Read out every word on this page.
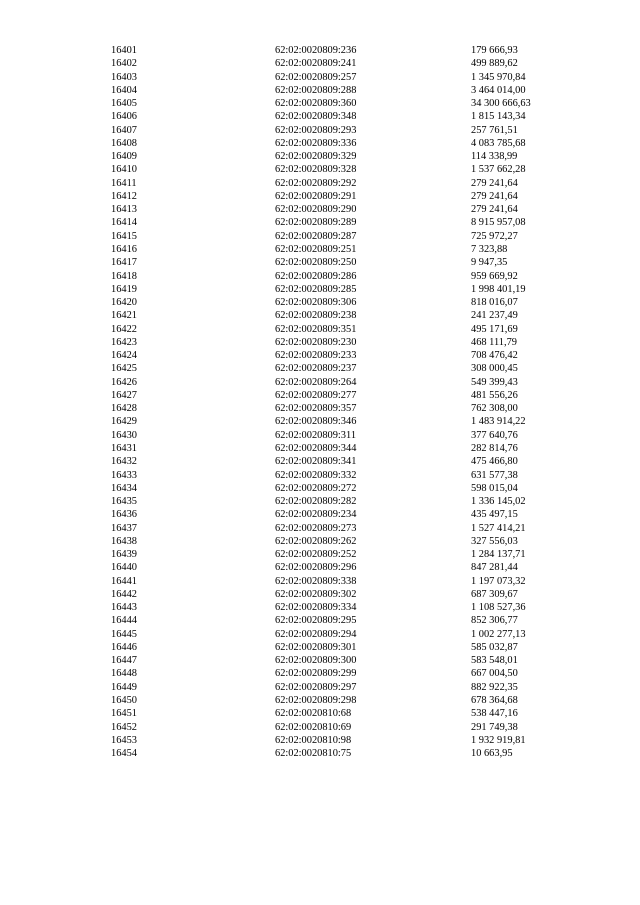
16401	62:02:0020809:236	179 666,93
16402	62:02:0020809:241	499 889,62
16403	62:02:0020809:257	1 345 970,84
16404	62:02:0020809:288	3 464 014,00
16405	62:02:0020809:360	34 300 666,63
16406	62:02:0020809:348	1 815 143,34
16407	62:02:0020809:293	257 761,51
16408	62:02:0020809:336	4 083 785,68
16409	62:02:0020809:329	114 338,99
16410	62:02:0020809:328	1 537 662,28
16411	62:02:0020809:292	279 241,64
16412	62:02:0020809:291	279 241,64
16413	62:02:0020809:290	279 241,64
16414	62:02:0020809:289	8 915 957,08
16415	62:02:0020809:287	725 972,27
16416	62:02:0020809:251	7 323,88
16417	62:02:0020809:250	9 947,35
16418	62:02:0020809:286	959 669,92
16419	62:02:0020809:285	1 998 401,19
16420	62:02:0020809:306	818 016,07
16421	62:02:0020809:238	241 237,49
16422	62:02:0020809:351	495 171,69
16423	62:02:0020809:230	468 111,79
16424	62:02:0020809:233	708 476,42
16425	62:02:0020809:237	308 000,45
16426	62:02:0020809:264	549 399,43
16427	62:02:0020809:277	481 556,26
16428	62:02:0020809:357	762 308,00
16429	62:02:0020809:346	1 483 914,22
16430	62:02:0020809:311	377 640,76
16431	62:02:0020809:344	282 814,76
16432	62:02:0020809:341	475 466,80
16433	62:02:0020809:332	631 577,38
16434	62:02:0020809:272	598 015,04
16435	62:02:0020809:282	1 336 145,02
16436	62:02:0020809:234	435 497,15
16437	62:02:0020809:273	1 527 414,21
16438	62:02:0020809:262	327 556,03
16439	62:02:0020809:252	1 284 137,71
16440	62:02:0020809:296	847 281,44
16441	62:02:0020809:338	1 197 073,32
16442	62:02:0020809:302	687 309,67
16443	62:02:0020809:334	1 108 527,36
16444	62:02:0020809:295	852 306,77
16445	62:02:0020809:294	1 002 277,13
16446	62:02:0020809:301	585 032,87
16447	62:02:0020809:300	583 548,01
16448	62:02:0020809:299	667 004,50
16449	62:02:0020809:297	882 922,35
16450	62:02:0020809:298	678 364,68
16451	62:02:0020810:68	538 447,16
16452	62:02:0020810:69	291 749,38
16453	62:02:0020810:98	1 932 919,81
16454	62:02:0020810:75	10 663,95
